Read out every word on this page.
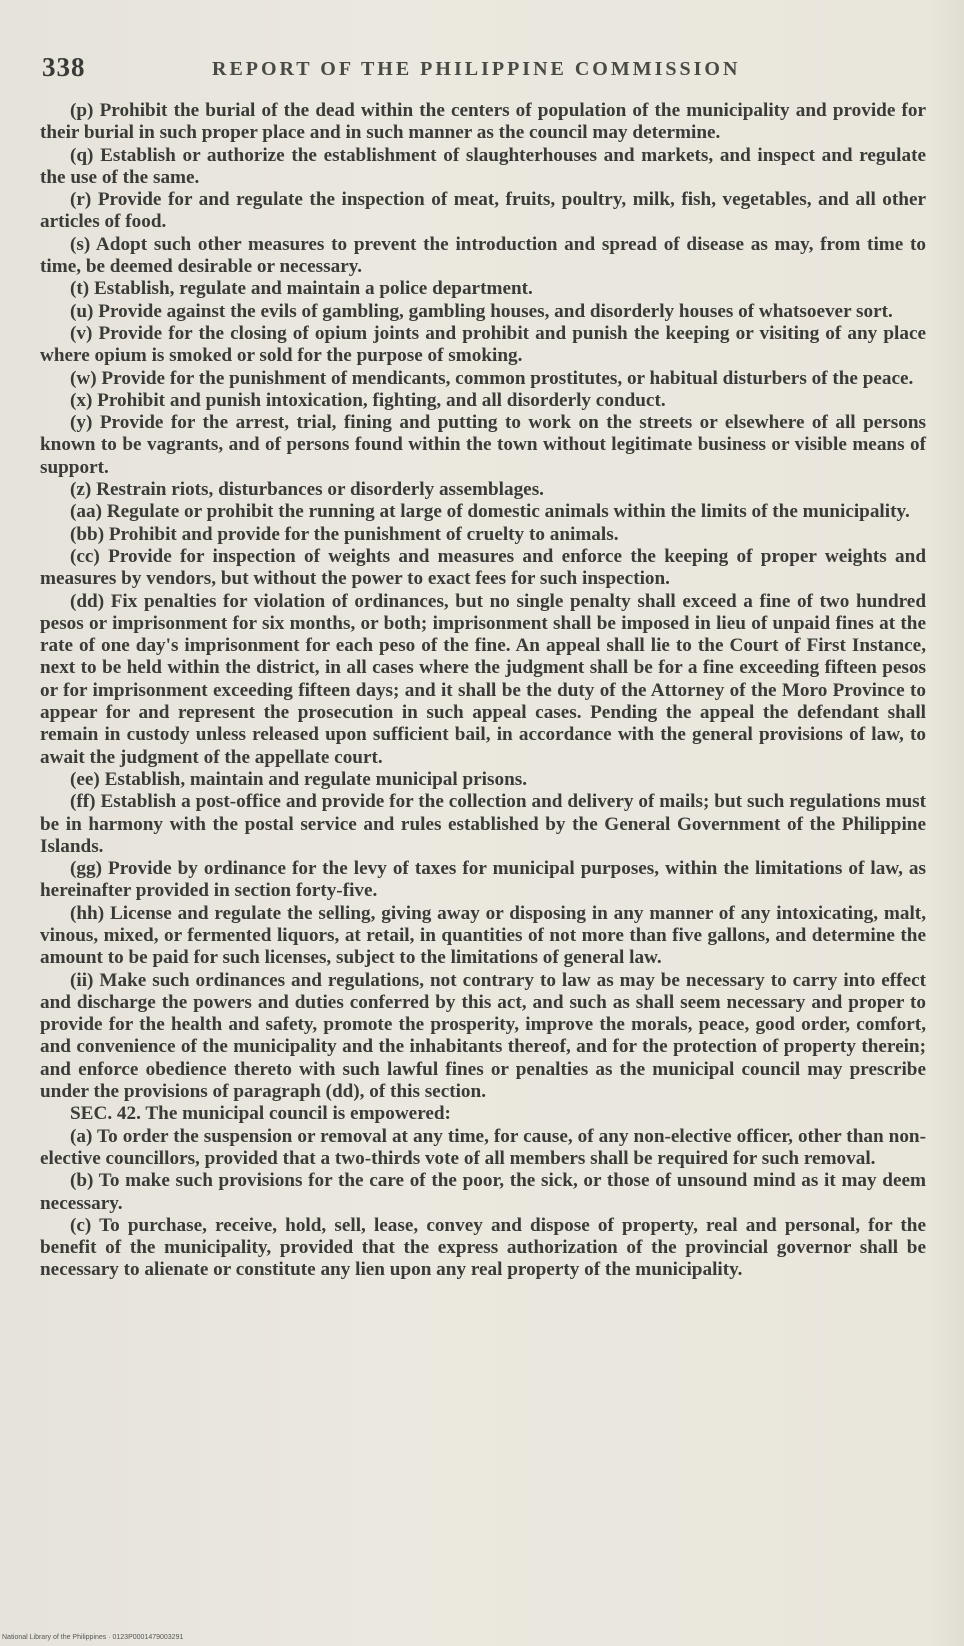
338	REPORT OF THE PHILIPPINE COMMISSION

(p) Prohibit the burial of the dead within the centers of population of the municipality and provide for their burial in such proper place and in such manner as the council may determine.

(q) Establish or authorize the establishment of slaughterhouses and markets, and inspect and regulate the use of the same.

(r) Provide for and regulate the inspection of meat, fruits, poultry, milk, fish, vegetables, and all other articles of food.

(s) Adopt such other measures to prevent the introduction and spread of disease as may, from time to time, be deemed desirable or necessary.

(t) Establish, regulate and maintain a police department.

(u) Provide against the evils of gambling, gambling houses, and disorderly houses of whatsoever sort.

(v) Provide for the closing of opium joints and prohibit and punish the keeping or visiting of any place where opium is smoked or sold for the purpose of smoking.

(w) Provide for the punishment of mendicants, common prostitutes, or habitual disturbers of the peace.

(x) Prohibit and punish intoxication, fighting, and all disorderly conduct.

(y) Provide for the arrest, trial, fining and putting to work on the streets or elsewhere of all persons known to be vagrants, and of persons found within the town without legitimate business or visible means of support.

(z) Restrain riots, disturbances or disorderly assemblages.

(aa) Regulate or prohibit the running at large of domestic animals within the limits of the municipality.

(bb) Prohibit and provide for the punishment of cruelty to animals.

(cc) Provide for inspection of weights and measures and enforce the keeping of proper weights and measures by vendors, but without the power to exact fees for such inspection.

(dd) Fix penalties for violation of ordinances, but no single penalty shall exceed a fine of two hundred pesos or imprisonment for six months, or both; imprisonment shall be imposed in lieu of unpaid fines at the rate of one day's imprisonment for each peso of the fine. An appeal shall lie to the Court of First Instance, next to be held within the district, in all cases where the judgment shall be for a fine exceeding fifteen pesos or for imprisonment exceeding fifteen days; and it shall be the duty of the Attorney of the Moro Province to appear for and represent the prosecution in such appeal cases. Pending the appeal the defendant shall remain in custody unless released upon sufficient bail, in accordance with the general provisions of law, to await the judgment of the appellate court.

(ee) Establish, maintain and regulate municipal prisons.

(ff) Establish a post-office and provide for the collection and delivery of mails; but such regulations must be in harmony with the postal service and rules established by the General Government of the Philippine Islands.

(gg) Provide by ordinance for the levy of taxes for municipal purposes, within the limitations of law, as hereinafter provided in section forty-five.

(hh) License and regulate the selling, giving away or disposing in any manner of any intoxicating, malt, vinous, mixed, or fermented liquors, at retail, in quantities of not more than five gallons, and determine the amount to be paid for such licenses, subject to the limitations of general law.

(ii) Make such ordinances and regulations, not contrary to law as may be necessary to carry into effect and discharge the powers and duties conferred by this act, and such as shall seem necessary and proper to provide for the health and safety, promote the prosperity, improve the morals, peace, good order, comfort, and convenience of the municipality and the inhabitants thereof, and for the protection of property therein; and enforce obedience thereto with such lawful fines or penalties as the municipal council may prescribe under the provisions of paragraph (dd), of this section.

SEC. 42. The municipal council is empowered:

(a) To order the suspension or removal at any time, for cause, of any non-elective officer, other than non-elective councillors, provided that a two-thirds vote of all members shall be required for such removal.

(b) To make such provisions for the care of the poor, the sick, or those of unsound mind as it may deem necessary.

(c) To purchase, receive, hold, sell, lease, convey and dispose of property, real and personal, for the benefit of the municipality, provided that the express authorization of the provincial governor shall be necessary to alienate or constitute any lien upon any real property of the municipality.

National Library of the Philippines · 0123P0001479003291
